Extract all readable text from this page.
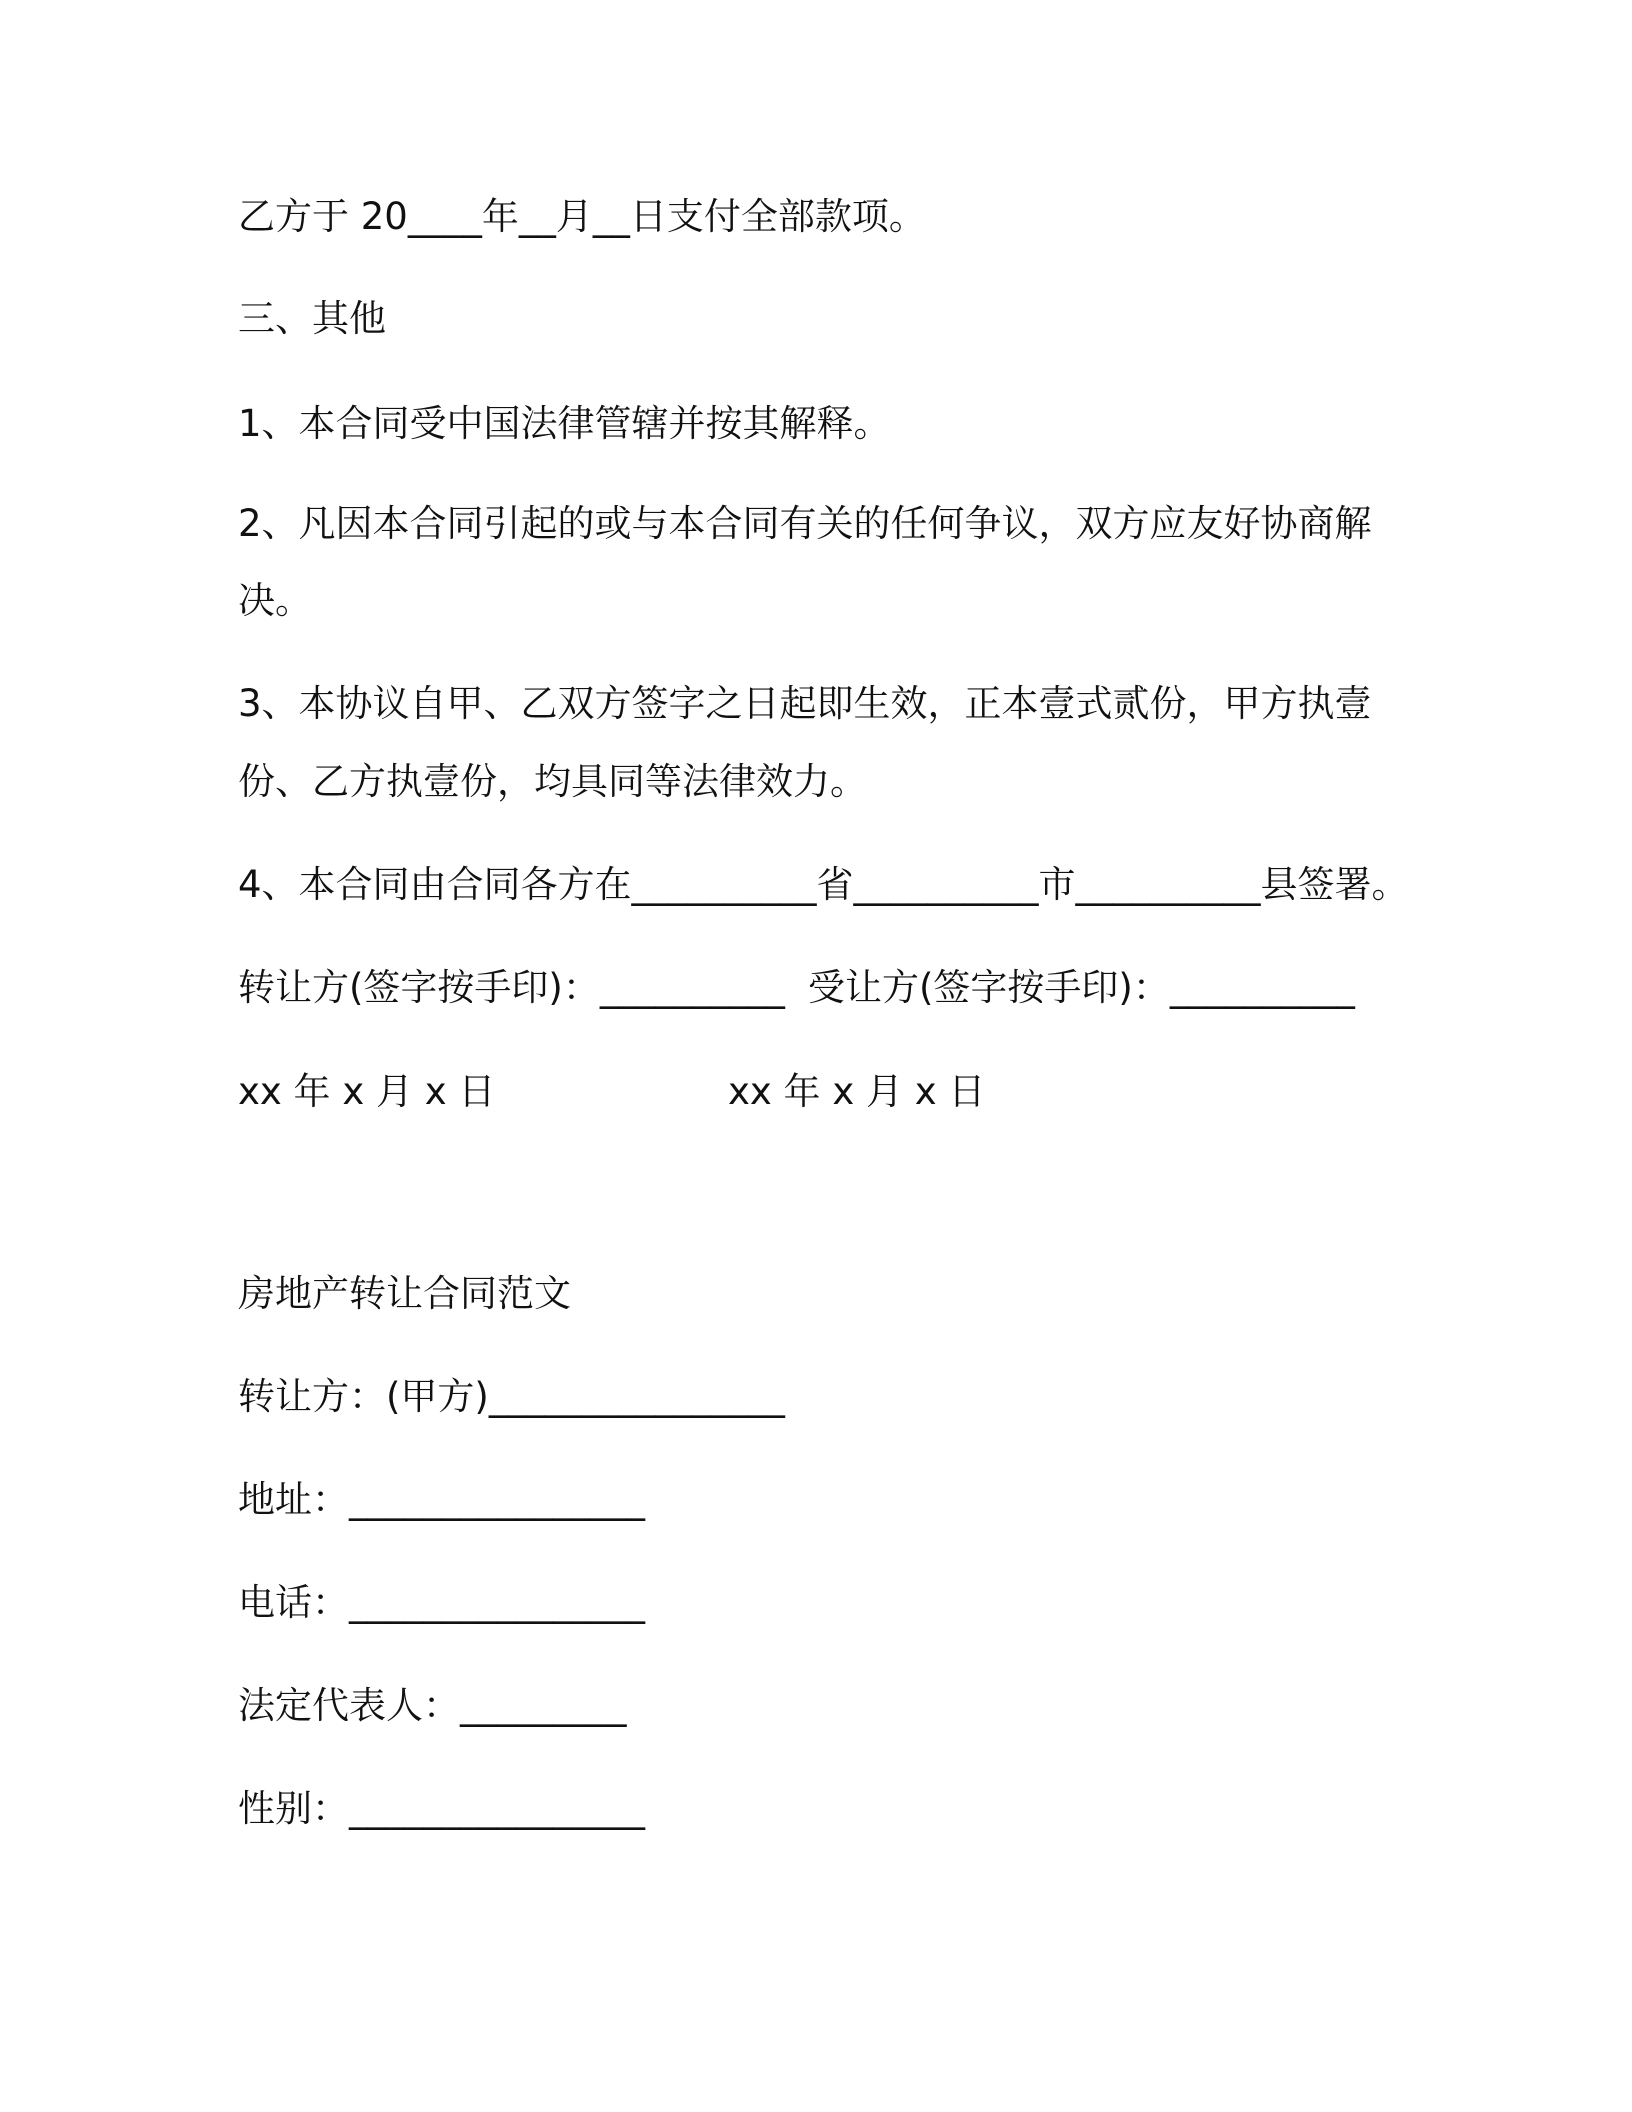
乙方于 20____年__月__日支付全部款项。
三、其他
1、本合同受中国法律管辖并按其解释。
2、凡因本合同引起的或与本合同有关的任何争议，双方应友好协商解
决。
3、本协议自甲、乙双方签字之日起即生效，正本壹式贰份，甲方执壹
份、乙方执壹份，均具同等法律效力。
4、本合同由合同各方在__________省__________市__________县签署。
转让方(签字按手印)：__________ 受让方(签字按手印)：__________
xx 年 x 月 x 日	xx 年 x 月 x 日
房地产转让合同范文
转让方：(甲方)________________
地址：________________
电话：________________
法定代表人：_________
性别：________________
